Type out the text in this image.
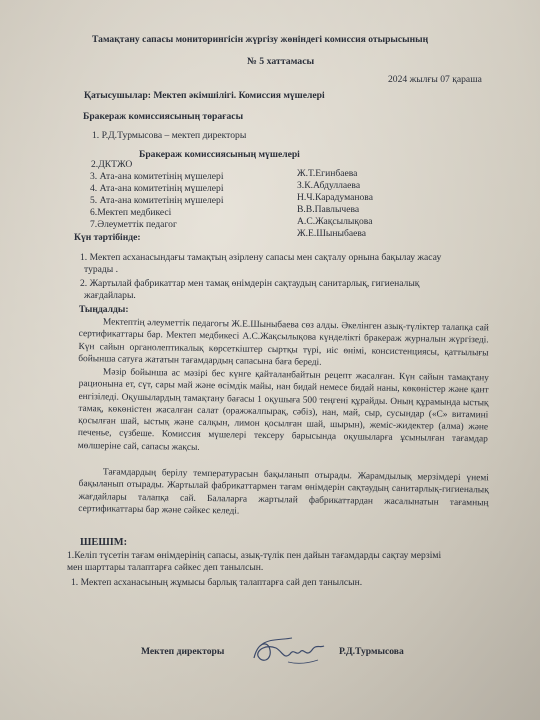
Тамақтану сапасы мониторингісін жүргізу жөніндегі комиссия отырысының
№ 5 хаттамасы
2024 жылғы 07 қараша
Қатысушылар: Мектеп әкімшілігі. Комиссия мүшелері
Бракераж комиссиясының төрағасы
1. Р.Д.Турмысова – мектеп директоры
Бракераж комиссиясының мүшелері
2.ДКТЖО
3. Ата-ана комитетінің мүшелері
4. Ата-ана комитетінің мүшелері
5. Ата-ана комитетінің мүшелері
6.Мектеп медбикесі
7.Әлеуметтік педагог
Ж.Т.Егинбаева
З.К.Абдуллаева
Н.Ч.Карадуманова
В.В.Павлычева
А.С.Жақсылықова
Ж.Е.Шыныбаева
Күн тәртібінде:
1. Мектеп асханасындағы тамақтың әзірлену сапасы мен сақталу орнына бақылау жасау
турады .
2. Жартылай фабрикаттар мен тамақ өнімдерін сақтаудың санитарлық, гигиеналық
жағдайлары.
Тыңдалды:
Мектептің әлеуметтік педагогы Ж.Е.Шыныбаева сөз алды. Әкелінген азық-түліктер талапқа сай сертификаттары бар. Мектеп медбикесі А.С.Жақсылықова күнделікті бракераж журналын жүргізеді. Күн сайын органолептикалық көрсеткіштер сыртқы түрі, иіс өнімі, консистенциясы, қаттылығы бойынша сатуға жататын тағамдардың сапасына баға береді.
Мәзір бойынша ас мәзірі бес күнге қайталанбайтын рецепт жасалған. Күн сайын тамақтану рационына ет, сүт, сары май және өсімдік майы, нан бидай немесе бидай наны, көкөністер және қант енгізіледі. Оқушылардың тамақтану бағасы 1 оқушыға 500 теңгені құрайды. Оның құрамында ыстық тамақ, көкөністен жасалған салат (оражжалпырақ, сәбіз), нан, май, сыр, сусындар («С» витамині қосылған шай, ыстық және салқын, лимон қосылған шай, шырын), жеміс-жидектер (алма) және печенье, сүзбеше. Комиссия мүшелері тексеру барысында оқушыларға ұсынылған тағамдар мөлшеріне сай, сапасы жақсы.
Тағамдардың берілу температурасын бақыланып отырады. Жарамдылық мерзімдері үнемі бақыланып отырады. Жартылай фабрикаттармен тағам өнімдерін сақтаудың санитарлық-гигиеналық жағдайлары талапқа сай. Балаларға жартылай фабрикаттардан жасалынатын тағамның сертификаттары бар және сәйкес келеді.
ШЕШІМ:
1.Келіп түсетін тағам өнімдерінің сапасы, азық-түлік пен дайын тағамдарды сақтау мерзімі
мен шарттары талаптарға сәйкес деп танылсын.
1. Мектеп асханасының жұмысы барлық талаптарға сай деп танылсын.
Мектеп директоры	Р.Д.Турмысова
